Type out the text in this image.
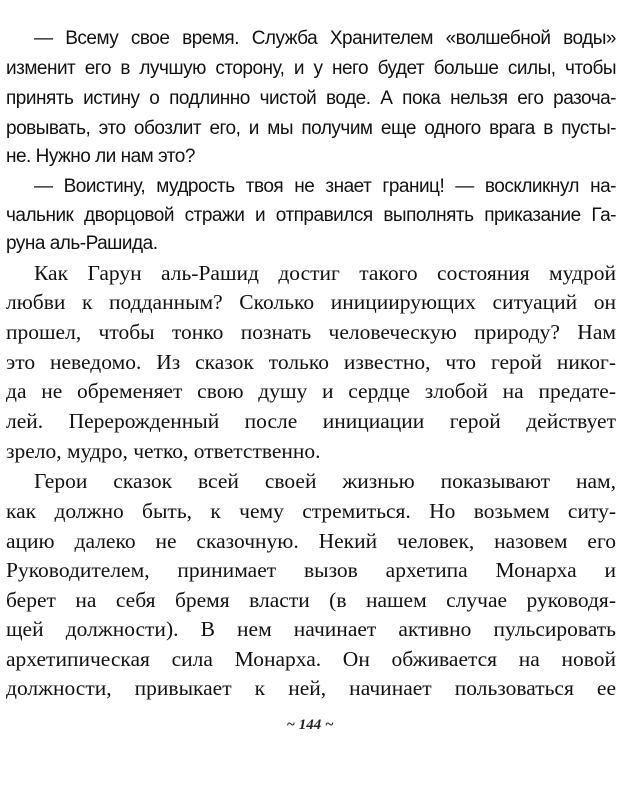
— Всему свое время. Служба Хранителем «волшебной воды»
изменит его в лучшую сторону, и у него будет больше силы, чтобы
принять истину о подлинно чистой воде. А пока нельзя его разоча-
ровывать, это обозлит его, и мы получим еще одного врага в пусты-
не. Нужно ли нам это?
— Воистину, мудрость твоя не знает границ! — воскликнул на-
чальник дворцовой стражи и отправился выполнять приказание Га-
руна аль-Рашида.
Как Гарун аль-Рашид достиг такого состояния мудрой
любви к подданным? Сколько инициирующих ситуаций он
прошел, чтобы тонко познать человеческую природу? Нам
это неведомо. Из сказок только известно, что герой никог-
да не обременяет свою душу и сердце злобой на предате-
лей. Перерожденный после инициации герой действует
зрело, мудро, четко, ответственно.
Герои сказок всей своей жизнью показывают нам,
как должно быть, к чему стремиться. Но возьмем ситу-
ацию далеко не сказочную. Некий человек, назовем его
Руководителем, принимает вызов архетипа Монарха и
берет на себя бремя власти (в нашем случае руководя-
щей должности). В нем начинает активно пульсировать
архетипическая сила Монарха. Он обживается на новой
должности, привыкает к ней, начинает пользоваться ее
~ 144 ~
